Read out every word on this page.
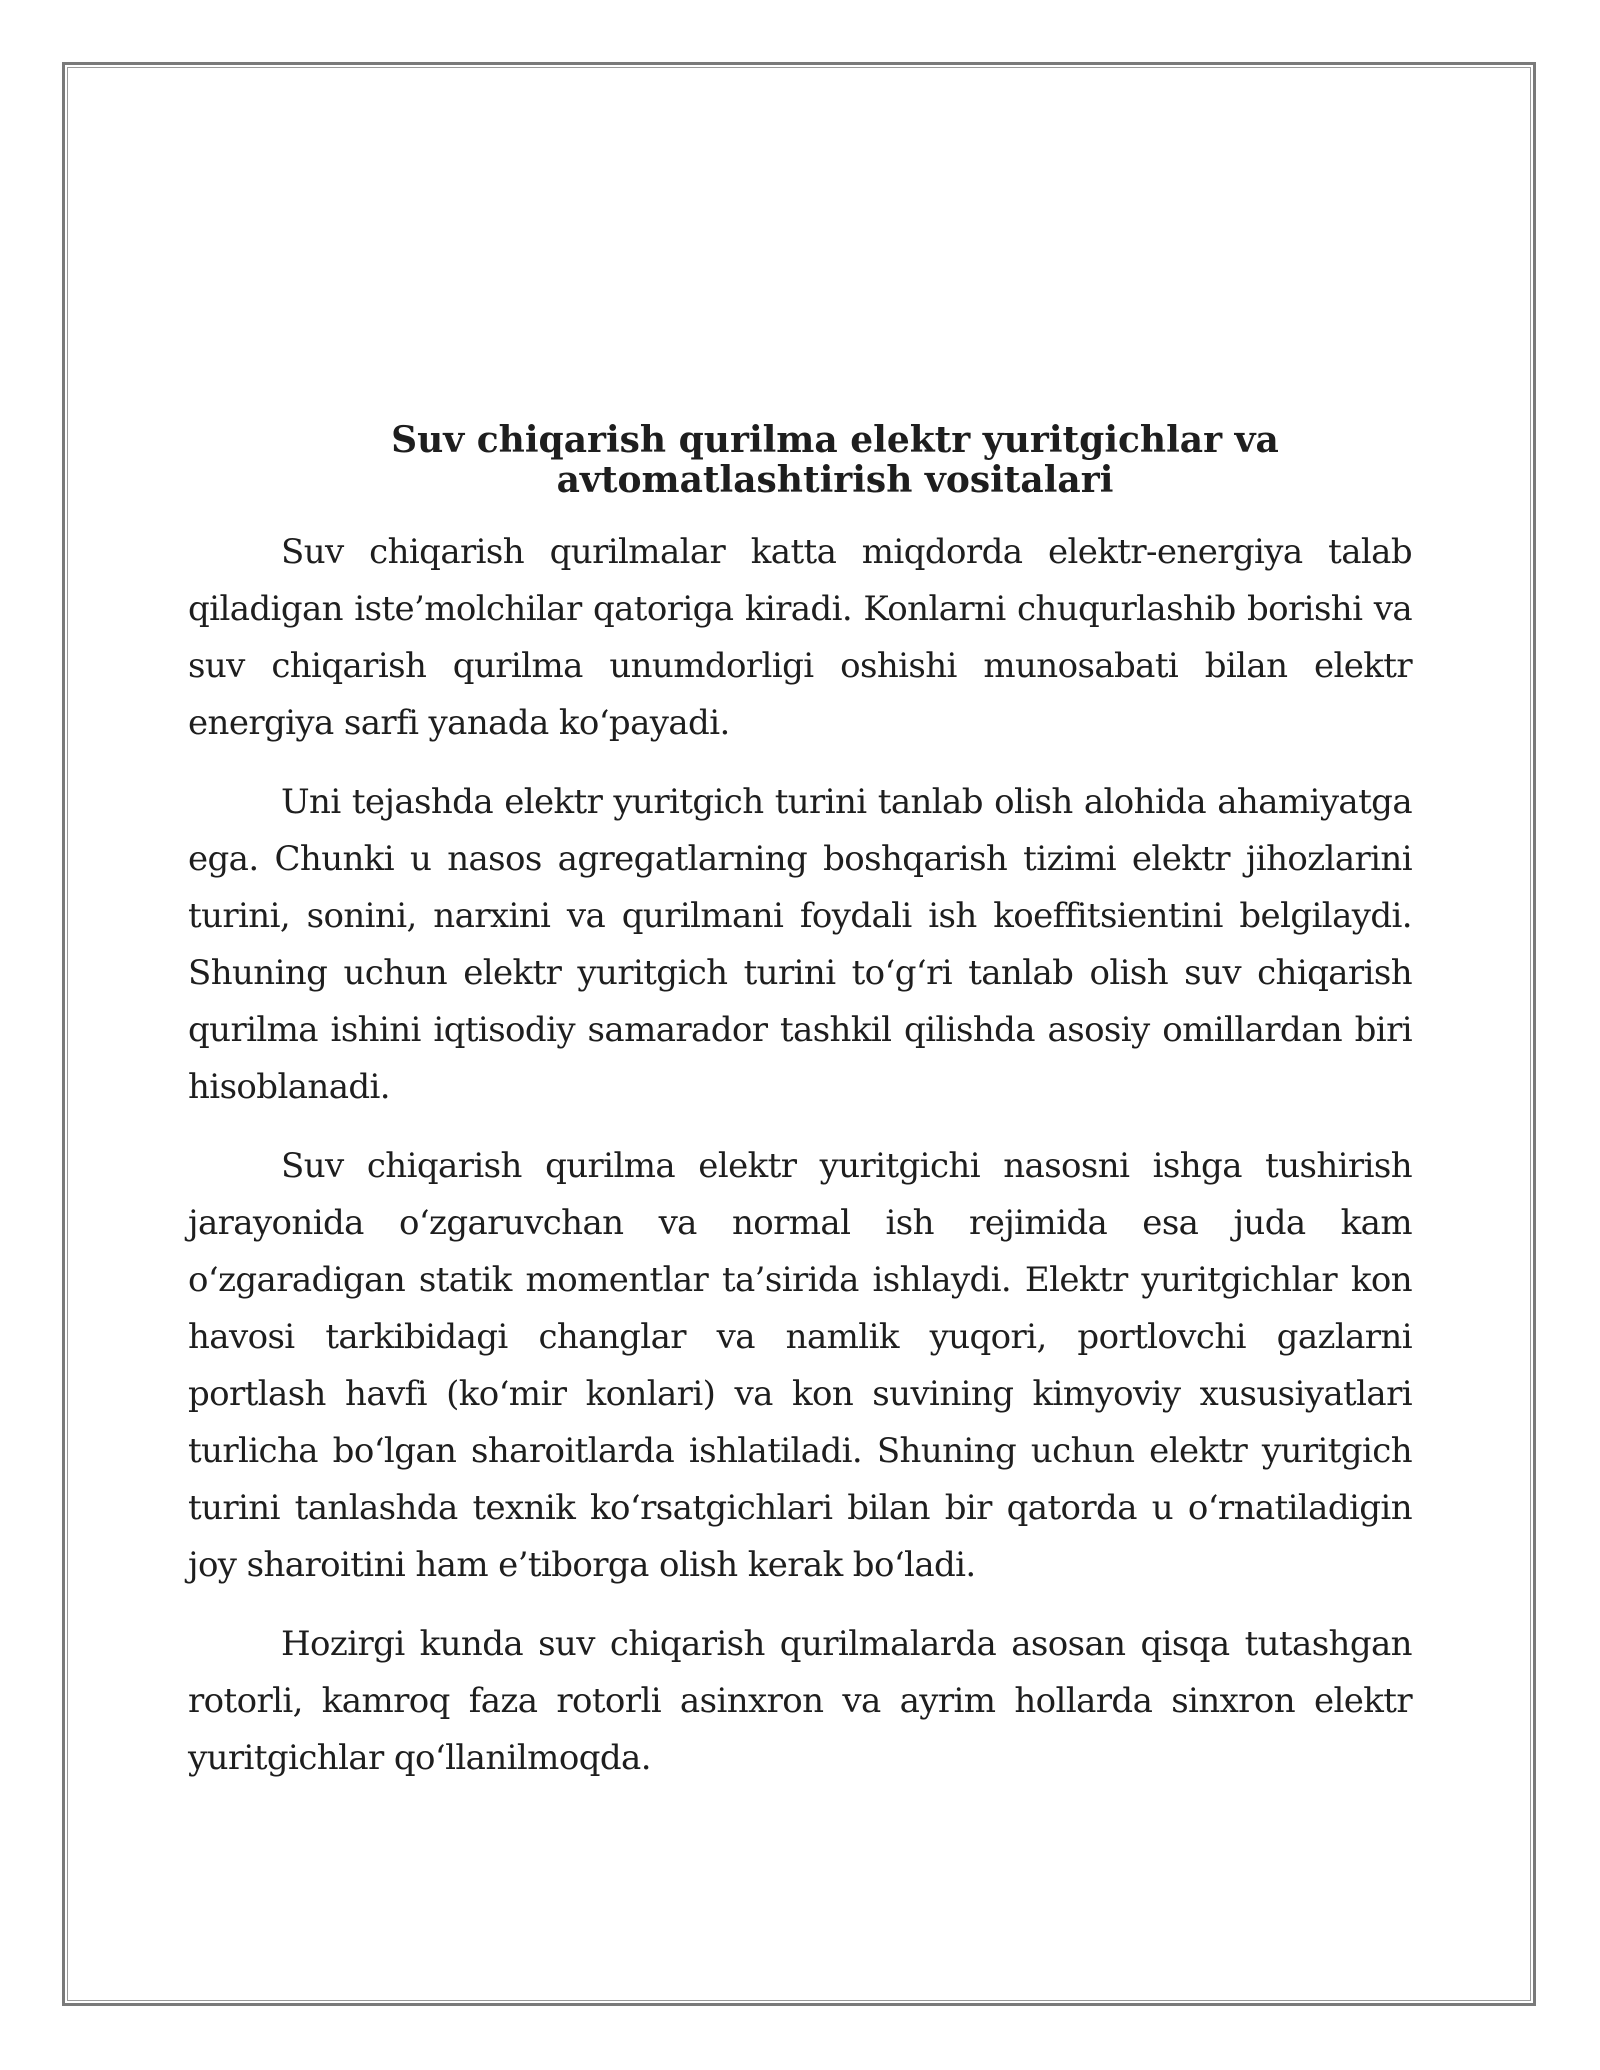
Suv chiqarish qurilma elektr yuritgichlar va
avtomatlashtirish vositalari

Suv chiqarish qurilmalar katta miqdorda elektr-energiya talab qiladigan iste’molchilar qatoriga kiradi. Konlarni chuqurlashib borishi va suv chiqarish qurilma unumdorligi oshishi munosabati bilan elektr energiya sarfi yanada ko‘payadi.

Uni tejashda elektr yuritgich turini tanlab olish alohida ahamiyatga ega. Chunki u nasos agregatlarning boshqarish tizimi elektr jihozlarini turini, sonini, narxini va qurilmani foydali ish koeffitsientini belgilaydi. Shuning uchun elektr yuritgich turini to‘g‘ri tanlab olish suv chiqarish qurilma ishini iqtisodiy samarador tashkil qilishda asosiy omillardan biri hisoblanadi.

Suv chiqarish qurilma elektr yuritgichi nasosni ishga tushirish jarayonida o‘zgaruvchan va normal ish rejimida esa juda kam o‘zgaradigan statik momentlar ta’sirida ishlaydi. Elektr yuritgichlar kon havosi tarkibidagi changlar va namlik yuqori, portlovchi gazlarni portlash havfi (ko‘mir konlari) va kon suvining kimyoviy xususiyatlari turlicha bo‘lgan sharoitlarda ishlatiladi. Shuning uchun elektr yuritgich turini tanlashda texnik ko‘rsatgichlari bilan bir qatorda u o‘rnatiladigin joy sharoitini ham e’tiborga olish kerak bo‘ladi.

Hozirgi kunda suv chiqarish qurilmalarda asosan qisqa tutashgan rotorli, kamroq faza rotorli asinxron va ayrim hollarda sinxron elektr yuritgichlar qo‘llanilmoqda.
